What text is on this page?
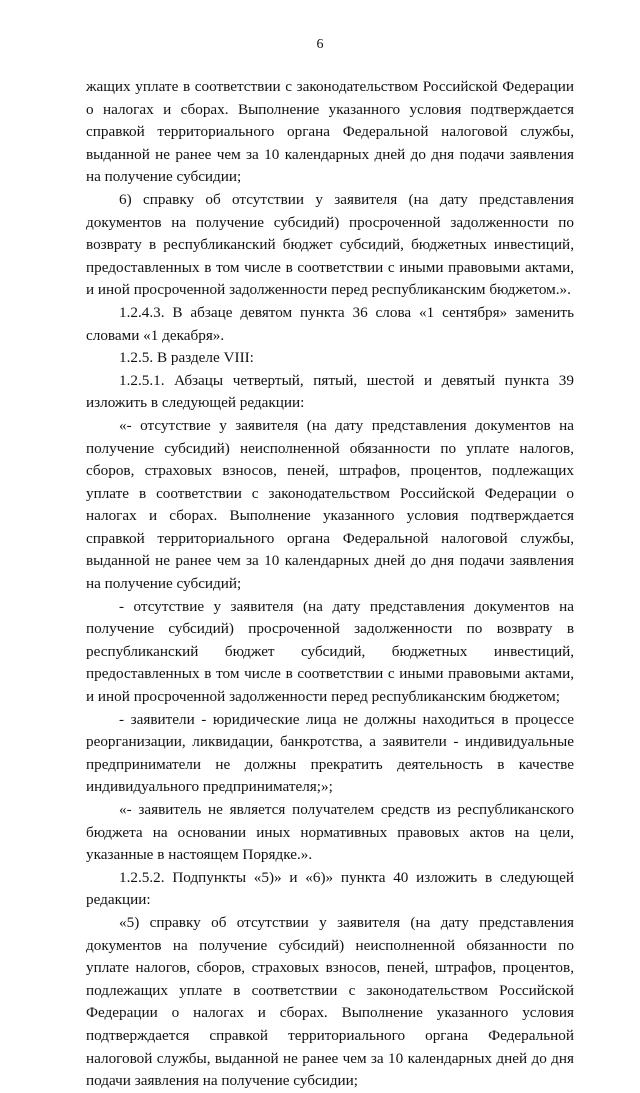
6

жащих уплате в соответствии с законодательством Российской Федерации о налогах и сборах. Выполнение указанного условия подтверждается справкой территориального органа Федеральной налоговой службы, выданной не ранее чем за 10 календарных дней до дня подачи заявления на получение субсидии;

6) справку об отсутствии у заявителя (на дату представления документов на получение субсидий) просроченной задолженности по возврату в республиканский бюджет субсидий, бюджетных инвестиций, предоставленных в том числе в соответствии с иными правовыми актами, и иной просроченной задолженности перед республиканским бюджетом.».

1.2.4.3. В абзаце девятом пункта 36 слова «1 сентября» заменить словами «1 декабря».

1.2.5. В разделе VIII:

1.2.5.1. Абзацы четвертый, пятый, шестой и девятый пункта 39 изложить в следующей редакции:

«- отсутствие у заявителя (на дату представления документов на получение субсидий) неисполненной обязанности по уплате налогов, сборов, страховых взносов, пеней, штрафов, процентов, подлежащих уплате в соответствии с законодательством Российской Федерации о налогах и сборах. Выполнение указанного условия подтверждается справкой территориального органа Федеральной налоговой службы, выданной не ранее чем за 10 календарных дней до дня подачи заявления на получение субсидий;

- отсутствие у заявителя (на дату представления документов на получение субсидий) просроченной задолженности по возврату в республиканский бюджет субсидий, бюджетных инвестиций, предоставленных в том числе в соответствии с иными правовыми актами, и иной просроченной задолженности перед республиканским бюджетом;

- заявители - юридические лица не должны находиться в процессе реорганизации, ликвидации, банкротства, а заявители - индивидуальные предприниматели не должны прекратить деятельность в качестве индивидуального предпринимателя;»;

«- заявитель не является получателем средств из республиканского бюджета на основании иных нормативных правовых актов на цели, указанные в настоящем Порядке.».

1.2.5.2. Подпункты «5)» и «6)» пункта 40 изложить в следующей редакции:

«5) справку об отсутствии у заявителя (на дату представления документов на получение субсидий) неисполненной обязанности по уплате налогов, сборов, страховых взносов, пеней, штрафов, процентов, подлежащих уплате в соответствии с законодательством Российской Федерации о налогах и сборах. Выполнение указанного условия подтверждается справкой территориального органа Федеральной налоговой службы, выданной не ранее чем за 10 календарных дней до дня подачи заявления на получение субсидии;
